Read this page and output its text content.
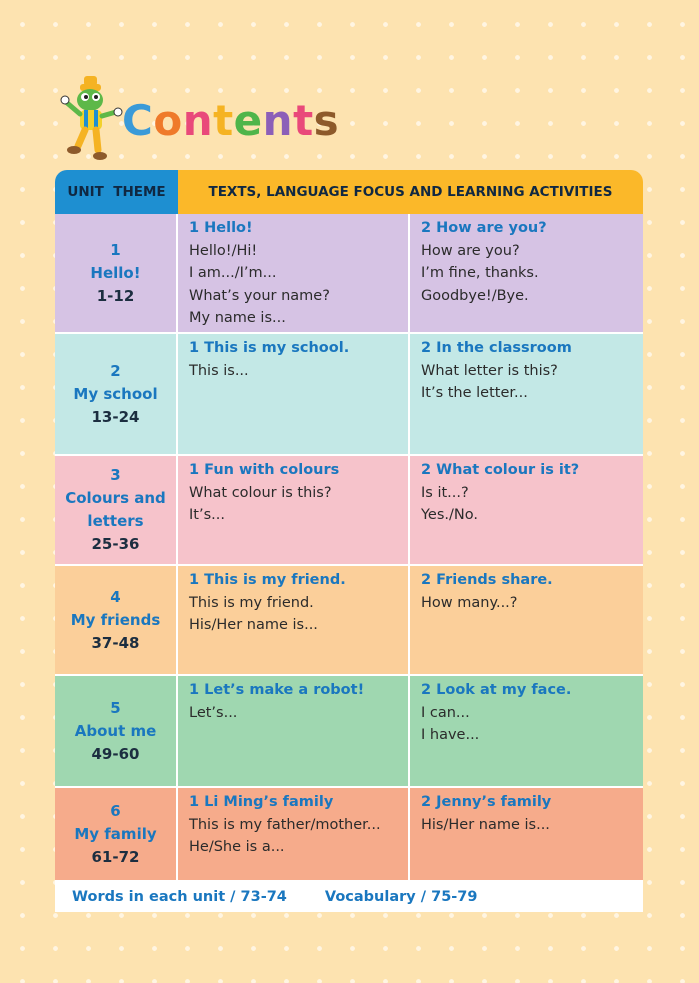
Contents
UNIT  THEME	TEXTS, LANGUAGE FOCUS AND LEARNING ACTIVITIES
1
Hello!
1-12
1 Hello!
Hello!/Hi!
I am.../I’m...
What’s your name?
My name is...
2 How are you?
How are you?
I’m fine, thanks.
Goodbye!/Bye.
2
My school
13-24
1 This is my school.
This is...
2 In the classroom
What letter is this?
It’s the letter...
3
Colours and letters
25-36
1 Fun with colours
What colour is this?
It’s...
2 What colour is it?
Is it...?
Yes./No.
4
My friends
37-48
1 This is my friend.
This is my friend.
His/Her name is...
2 Friends share.
How many...?
5
About me
49-60
1 Let’s make a robot!
Let’s...
2 Look at my face.
I can...
I have...
6
My family
61-72
1 Li Ming’s family
This is my father/mother...
He/She is a...
2 Jenny’s family
His/Her name is...
Words in each unit / 73-74	Vocabulary / 75-79
